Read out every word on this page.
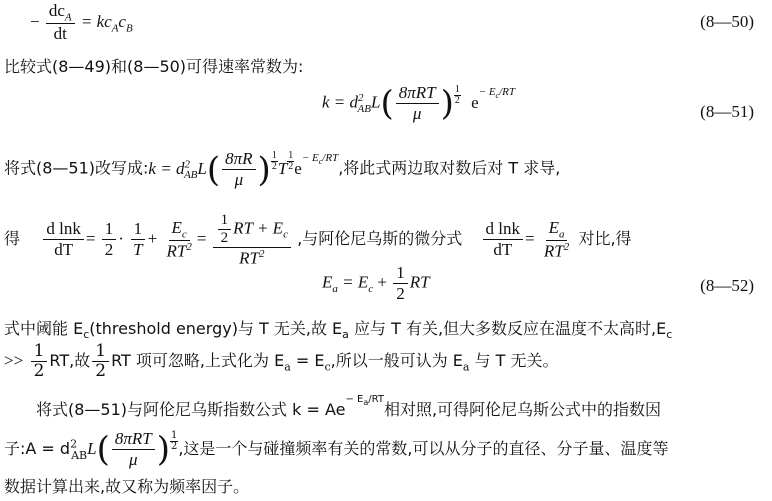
− $\frac{dc_A}{dt} = kc_Ac_B$	(8—50)
比较式(8—49)和(8—50)可得速率常数为:
$k = d^2_{AB}L( \frac{\text{8πRT}}{\mu}$ ) $\frac{1}{2} e^{- E_c/RT}$
(8—51)
将式(8—51)改写成:k = $d^2_{AB}L( \frac{8\pi R}{\mu}$ ) $\frac{1}{2}$ T $\frac{1}{2} e^{- E_c/RT}$,将此式两边取对数后对 T 求导,
得 $\frac{\text{d lnk}}{dT} = \frac{1}{2} \cdot \frac{1}{T} + \frac{E_c}{RT^2} = \frac{\frac{1}{2} RT + E_c}{RT^2}$ ,与阿伦尼乌斯的微分式 $\frac{\text{d lnk}}{dT} = \frac{E_a}{RT^2}$ 对比,得
$E_a = E_c + \frac{1}{2}$ RT	(8—52)
式中阈能 $E_c(threshold$ energy)与 T 无关,故 $E_a$ 应与 T 有关,但大多数反应在温度不太高时$,E_c$
>> $\frac{1}{2}$ RT,故 $\frac{1}{2}$ RT 项可忽略,上式化为 $E_a = E_c$,所以一般可认为 $E_a$ 与 T 无关。
将式(8—51)与阿伦尼乌斯指数公式 $k = Ae^{- E_a/RT}$相对照,可得阿伦尼乌斯公式中的指数因
子:A = $d^2_{AB}L( \frac{\text{8πRT}}{\mu}$ ) $\frac{1}{2}$ ,这是一个与碰撞频率有关的常数,可以从分子的直径、分子量、温度等
数据计算出来,故又称为频率因子。
